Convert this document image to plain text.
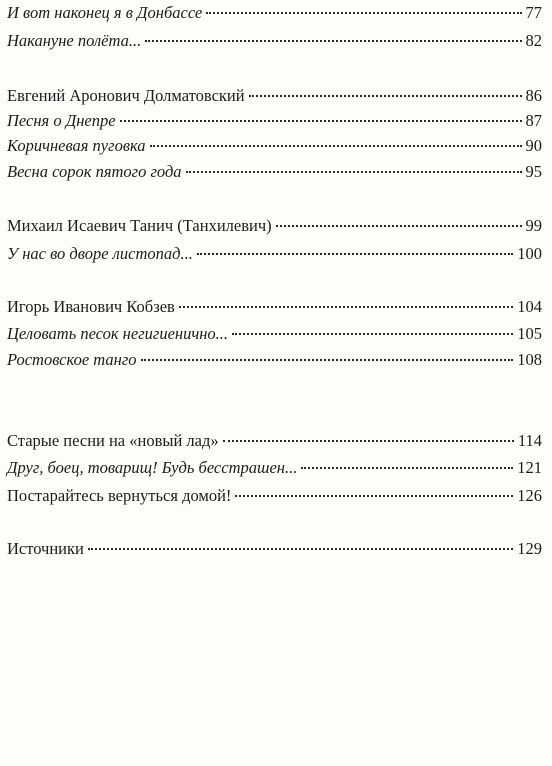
И вот наконец я в Донбассе	77
Накануне полёта...	82
Евгений Аронович Долматовский	86
Песня о Днепре	87
Коричневая пуговка	90
Весна сорок пятого года	95
Михаил Исаевич Танич (Танхилевич)	99
У нас во дворе листопад...	100
Игорь Иванович Кобзев	104
Целовать песок негигиенично...	105
Ростовское танго	108
Старые песни на «новый лад»	114
Друг, боец, товарищ! Будь бесстрашен...	121
Постарайтесь вернуться домой!	126
Источники	129
